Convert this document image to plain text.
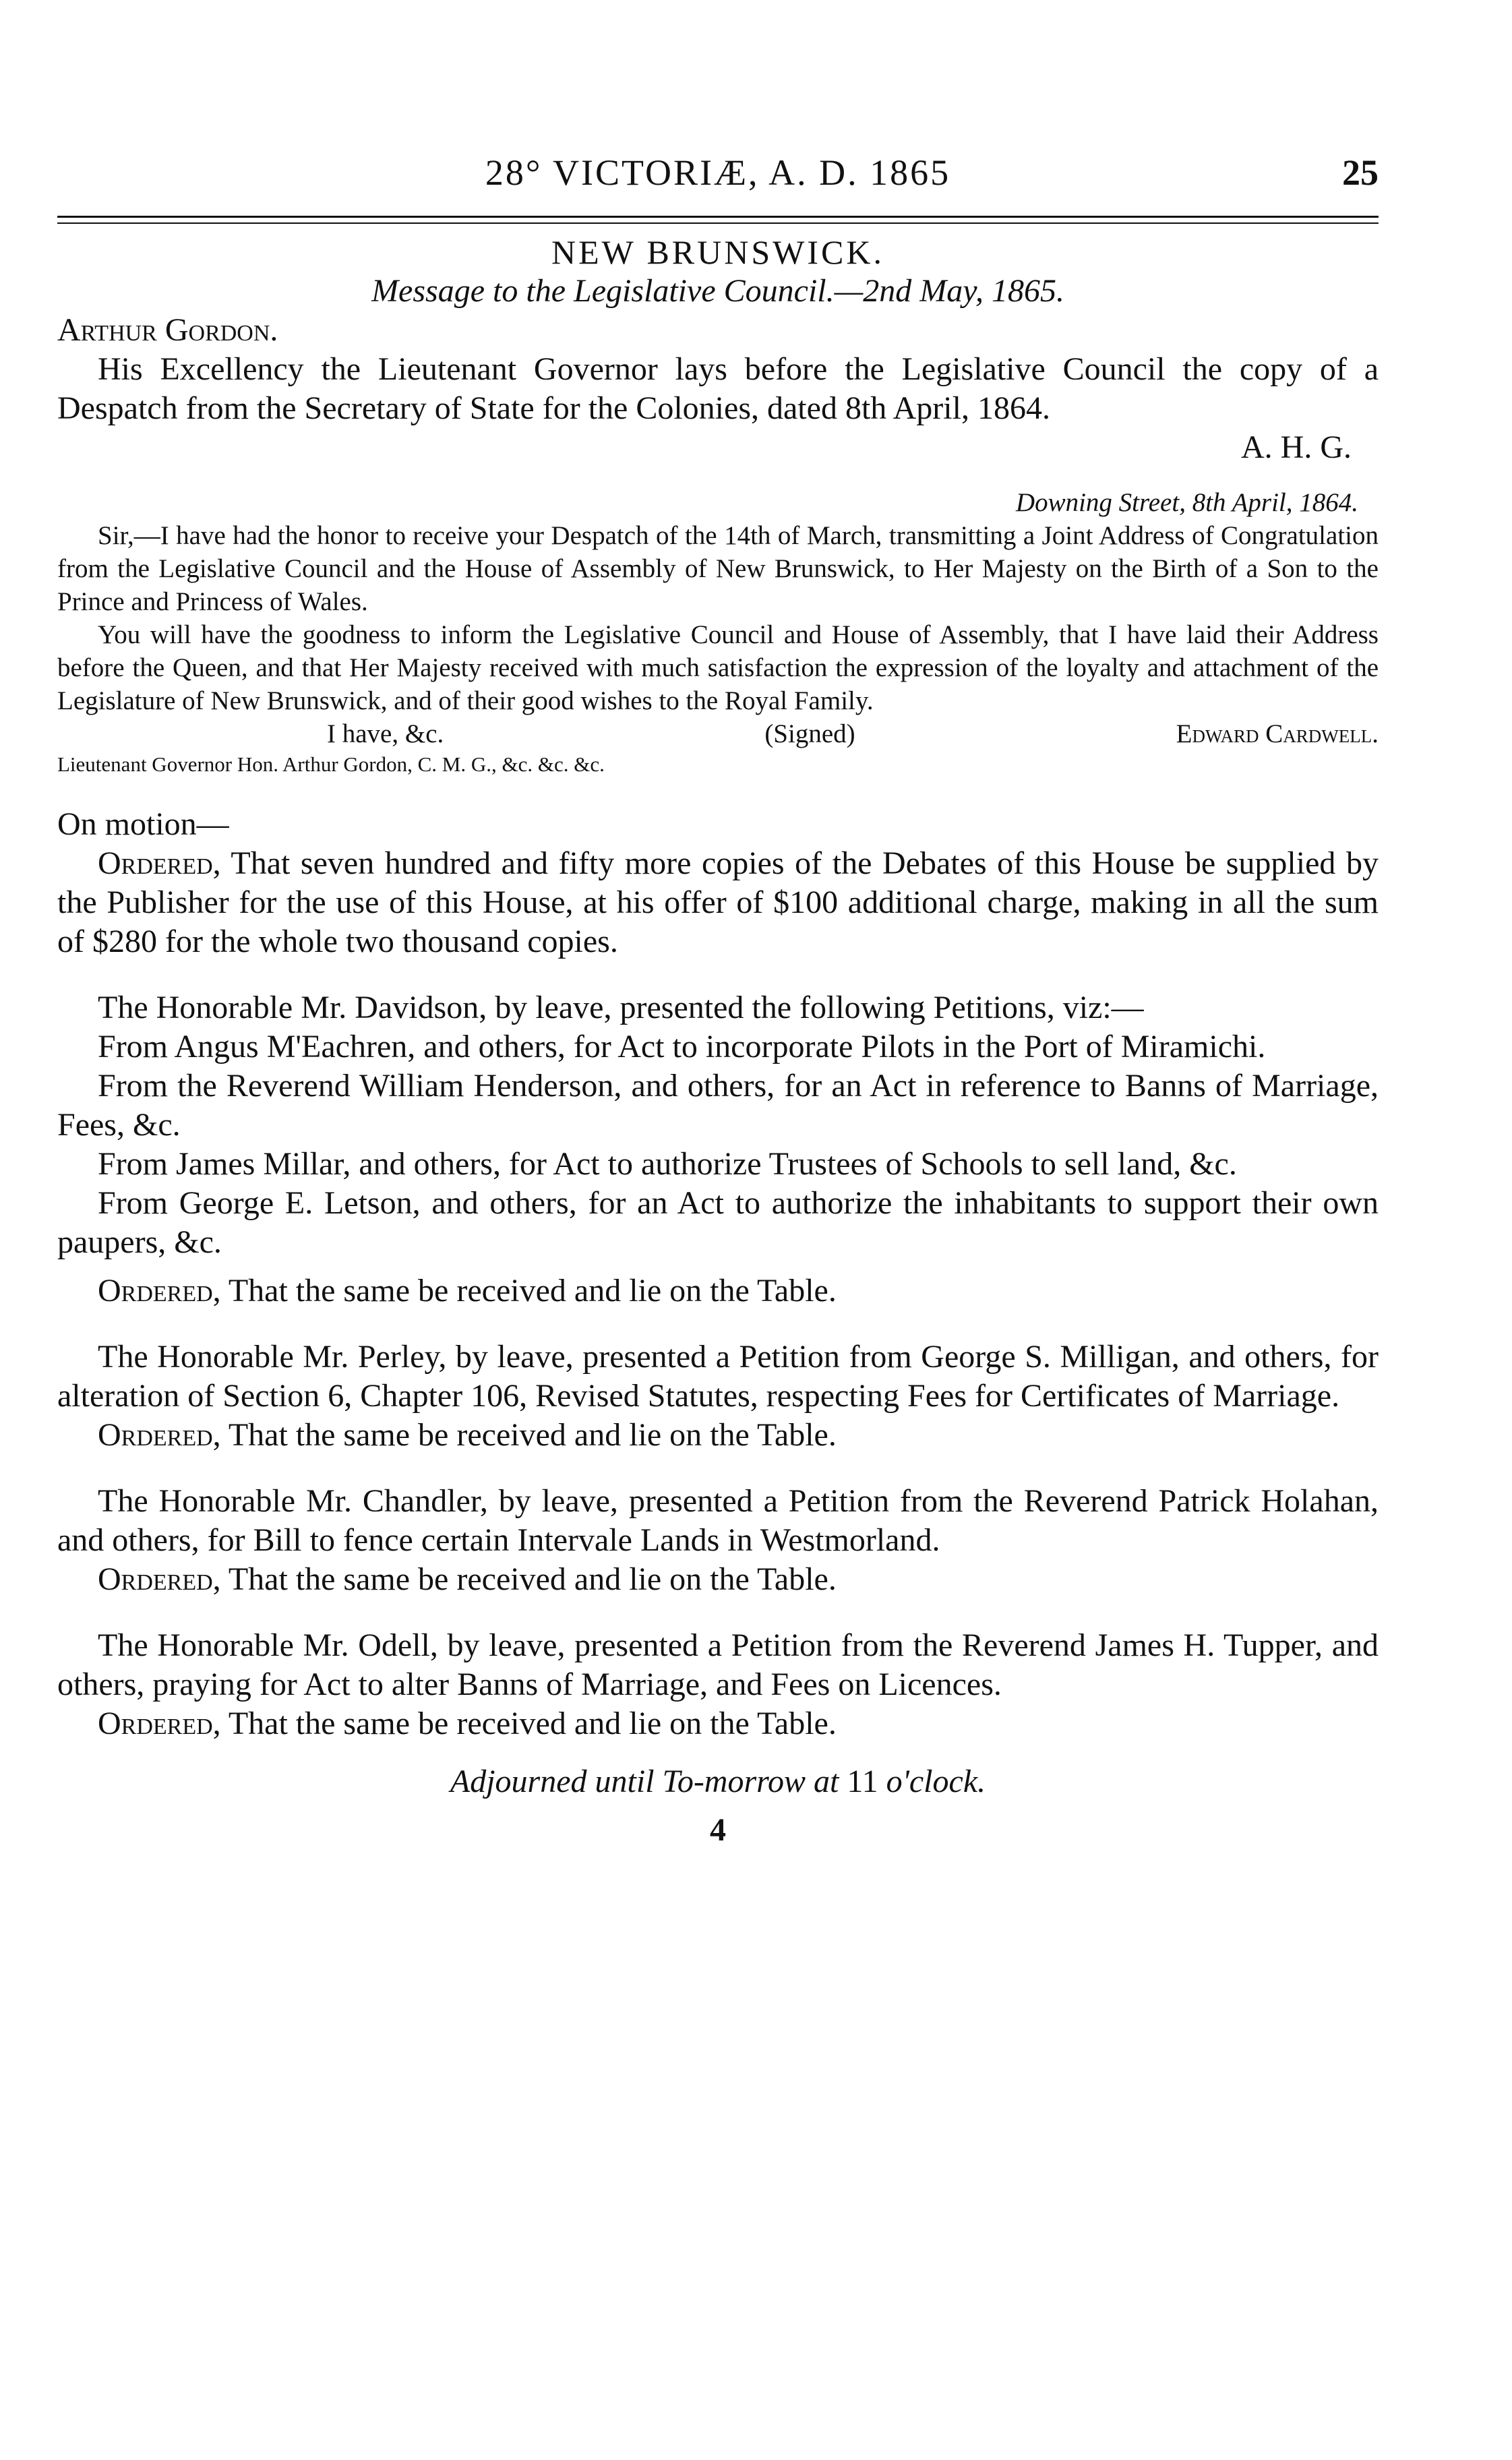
28° VICTORIÆ, A. D. 1865	25

NEW BRUNSWICK.

Message to the Legislative Council.—2nd May, 1865.

Arthur Gordon.

His Excellency the Lieutenant Governor lays before the Legislative Council the copy of a Despatch from the Secretary of State for the Colonies, dated 8th April, 1864.

A. H. G.

Downing Street, 8th April, 1864.

Sir,—I have had the honor to receive your Despatch of the 14th of March, transmitting a Joint Address of Congratulation from the Legislative Council and the House of Assembly of New Brunswick, to Her Majesty on the Birth of a Son to the Prince and Princess of Wales.

You will have the goodness to inform the Legislative Council and House of Assembly, that I have laid their Address before the Queen, and that Her Majesty received with much satisfaction the expression of the loyalty and attachment of the Legislature of New Brunswick, and of their good wishes to the Royal Family.

I have, &c.	(Signed)	Edward Cardwell.

Lieutenant Governor Hon. Arthur Gordon, C. M. G., &c. &c. &c.

On motion—

Ordered, That seven hundred and fifty more copies of the Debates of this House be supplied by the Publisher for the use of this House, at his offer of $100 additional charge, making in all the sum of $280 for the whole two thousand copies.

The Honorable Mr. Davidson, by leave, presented the following Petitions, viz:—

From Angus M'Eachren, and others, for Act to incorporate Pilots in the Port of Miramichi.

From the Reverend William Henderson, and others, for an Act in reference to Banns of Marriage, Fees, &c.

From James Millar, and others, for Act to authorize Trustees of Schools to sell land, &c.

From George E. Letson, and others, for an Act to authorize the inhabitants to support their own paupers, &c.

Ordered, That the same be received and lie on the Table.

The Honorable Mr. Perley, by leave, presented a Petition from George S. Milligan, and others, for alteration of Section 6, Chapter 106, Revised Statutes, respecting Fees for Certificates of Marriage.

Ordered, That the same be received and lie on the Table.

The Honorable Mr. Chandler, by leave, presented a Petition from the Reverend Patrick Holahan, and others, for Bill to fence certain Intervale Lands in Westmorland.

Ordered, That the same be received and lie on the Table.

The Honorable Mr. Odell, by leave, presented a Petition from the Reverend James H. Tupper, and others, praying for Act to alter Banns of Marriage, and Fees on Licences.

Ordered, That the same be received and lie on the Table.

Adjourned until To-morrow at 11 o'clock.

4
